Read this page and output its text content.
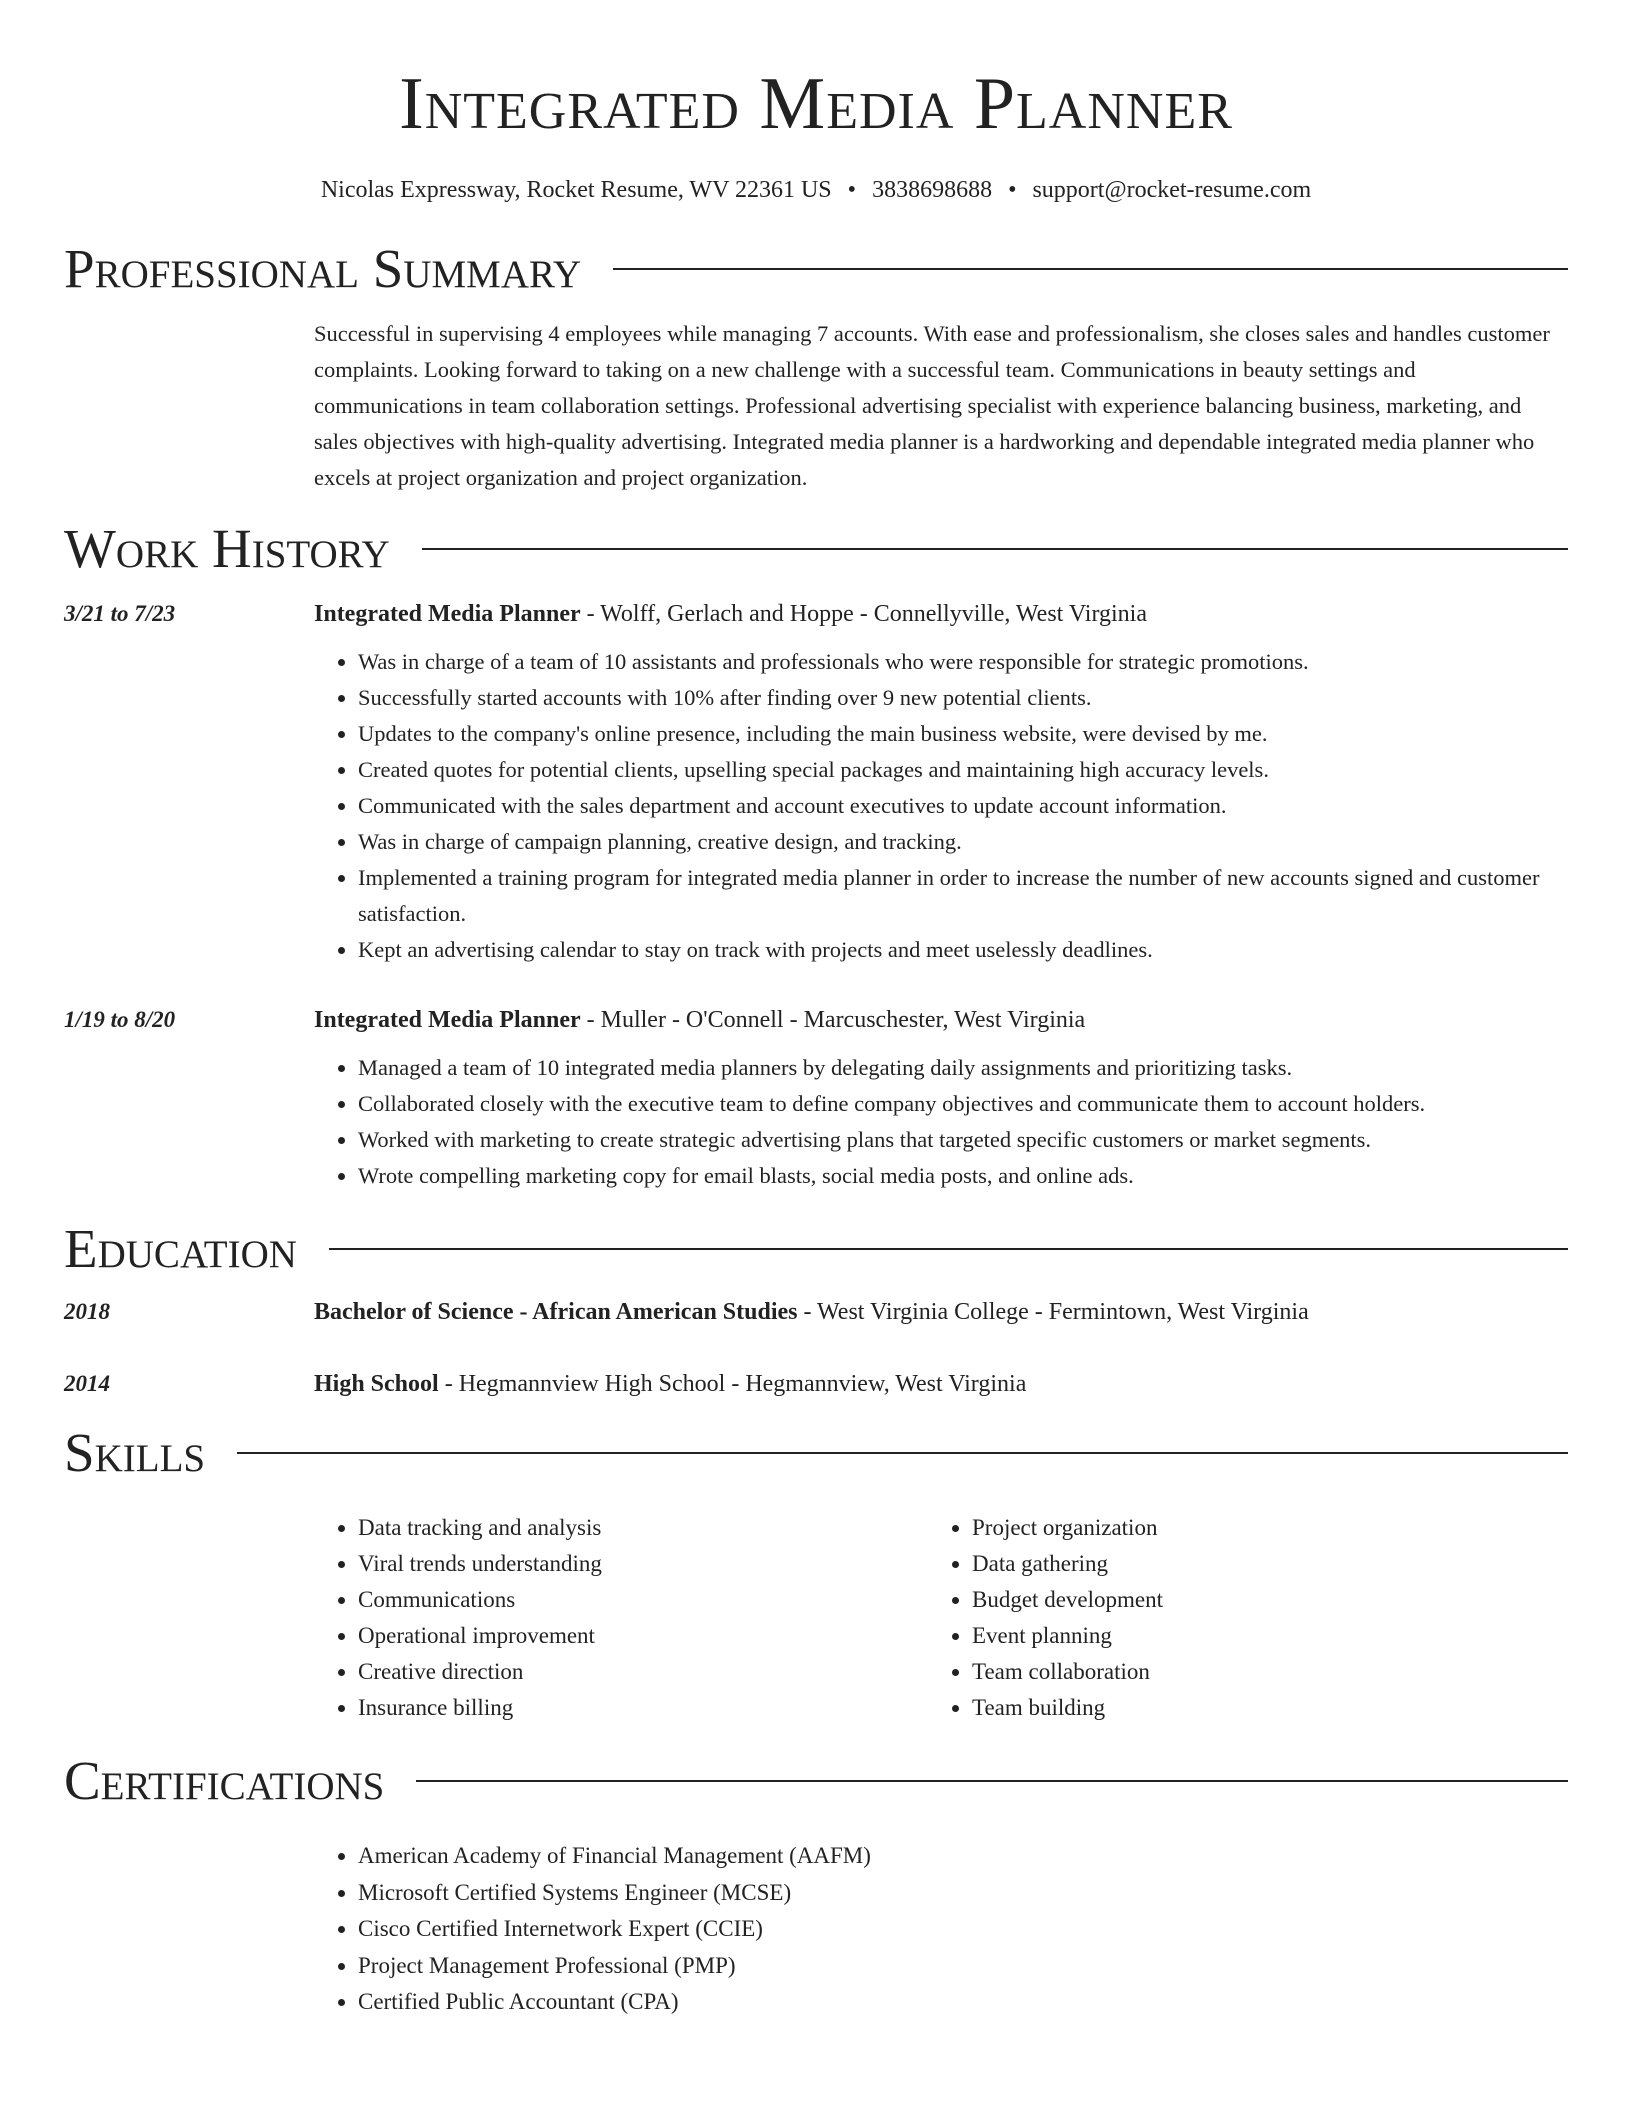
Integrated Media Planner
Nicolas Expressway, Rocket Resume, WV 22361 US • 3838698688 • support@rocket-resume.com
Professional Summary
Successful in supervising 4 employees while managing 7 accounts. With ease and professionalism, she closes sales and handles customer complaints. Looking forward to taking on a new challenge with a successful team. Communications in beauty settings and communications in team collaboration settings. Professional advertising specialist with experience balancing business, marketing, and sales objectives with high-quality advertising. Integrated media planner is a hardworking and dependable integrated media planner who excels at project organization and project organization.
Work History
3/21 to 7/23	Integrated Media Planner - Wolff, Gerlach and Hoppe - Connellyville, West Virginia
• Was in charge of a team of 10 assistants and professionals who were responsible for strategic promotions.
• Successfully started accounts with 10% after finding over 9 new potential clients.
• Updates to the company's online presence, including the main business website, were devised by me.
• Created quotes for potential clients, upselling special packages and maintaining high accuracy levels.
• Communicated with the sales department and account executives to update account information.
• Was in charge of campaign planning, creative design, and tracking.
• Implemented a training program for integrated media planner in order to increase the number of new accounts signed and customer satisfaction.
• Kept an advertising calendar to stay on track with projects and meet uselessly deadlines.
1/19 to 8/20	Integrated Media Planner - Muller - O'Connell - Marcuschester, West Virginia
• Managed a team of 10 integrated media planners by delegating daily assignments and prioritizing tasks.
• Collaborated closely with the executive team to define company objectives and communicate them to account holders.
• Worked with marketing to create strategic advertising plans that targeted specific customers or market segments.
• Wrote compelling marketing copy for email blasts, social media posts, and online ads.
Education
2018	Bachelor of Science - African American Studies - West Virginia College - Fermintown, West Virginia
2014	High School - Hegmannview High School - Hegmannview, West Virginia
Skills
• Data tracking and analysis
• Viral trends understanding
• Communications
• Operational improvement
• Creative direction
• Insurance billing
• Project organization
• Data gathering
• Budget development
• Event planning
• Team collaboration
• Team building
Certifications
• American Academy of Financial Management (AAFM)
• Microsoft Certified Systems Engineer (MCSE)
• Cisco Certified Internetwork Expert (CCIE)
• Project Management Professional (PMP)
• Certified Public Accountant (CPA)
